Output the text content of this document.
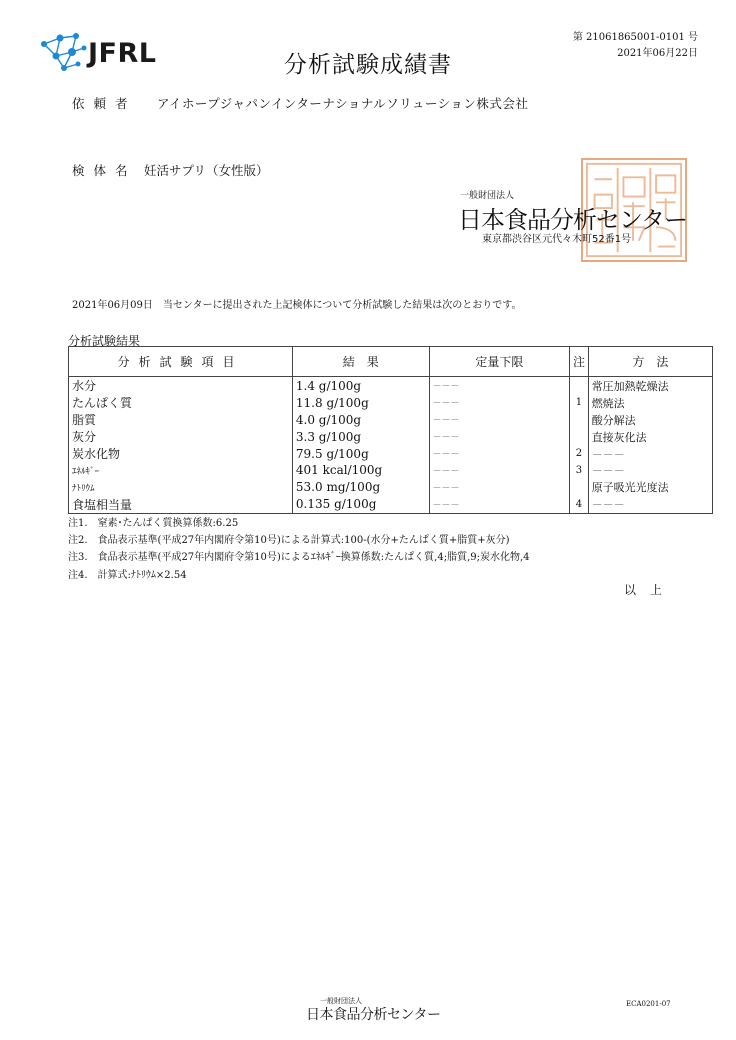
JFRL	分析試験成績書
第 21061865001-0101 号
2021年06月22日
依頼者 アイホープジャパンインターナショナルソリューション株式会社
検体名 妊活サプリ（女性版）
一般財団法人
日本食品分析センター
東京都渋谷区元代々木町52番1号
2021年06月09日　当センターに提出された上記検体について分析試験した結果は次のとおりです。
分析試験結果
分析試験項目	結　果	定量下限	注	方　法
水分	1.4 g/100g	－－－		常圧加熱乾燥法
たんぱく質	11.8 g/100g	－－－	1	燃焼法
脂質	4.0 g/100g	－－－		酸分解法
灰分	3.3 g/100g	－－－		直接灰化法
炭水化物	79.5 g/100g	－－－	2	－－－
ｴﾈﾙｷﾞｰ	401 kcal/100g	－－－	3	－－－
ﾅﾄﾘｳﾑ	53.0 mg/100g	－－－		原子吸光光度法
食塩相当量	0.135 g/100g	－－－	4	－－－
注1.　窒素･たんぱく質換算係数:6.25
注2.　食品表示基準(平成27年内閣府令第10号)による計算式:100-(水分+たんぱく質+脂質+灰分)
注3.　食品表示基準(平成27年内閣府令第10号)によるｴﾈﾙｷﾞｰ換算係数:たんぱく質,4;脂質,9;炭水化物,4
注4.　計算式:ﾅﾄﾘｳﾑ×2.54
以上
一般財団法人
日本食品分析センター
ECA0201-07
